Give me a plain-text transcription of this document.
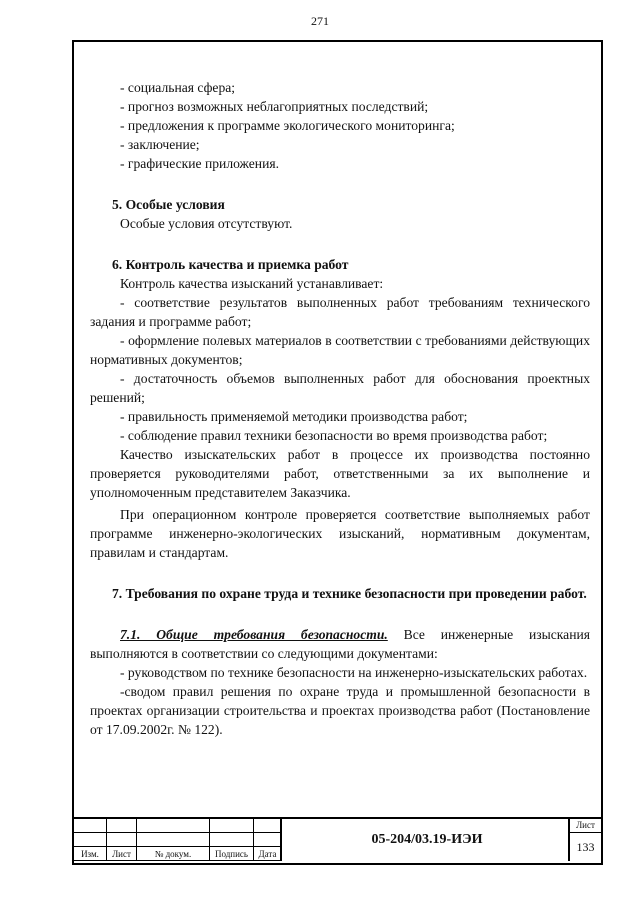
271

- социальная сфера;

- прогноз возможных неблагоприятных последствий;

- предложения к программе экологического мониторинга;

- заключение;

- графические приложения.

5. Особые условия

Особые условия отсутствуют.

6. Контроль качества и приемка работ

Контроль качества изысканий устанавливает:

- соответствие результатов выполненных работ требованиям технического задания и программе работ;

- оформление полевых материалов в соответствии с требованиями действующих нормативных документов;

- достаточность объемов выполненных работ для обоснования проектных решений;

- правильность применяемой методики производства работ;

- соблюдение правил техники безопасности во время производства работ;

Качество изыскательских работ в процессе их производства постоянно проверяется руководителями работ, ответственными за их выполнение и уполномоченным представителем Заказчика.

При операционном контроле проверяется соответствие выполняемых работ программе инженерно-экологических изысканий, нормативным документам, правилам и стандартам.

7. Требования по охране труда и технике безопасности при проведении работ.

7.1. Общие требования безопасности. Все инженерные изыскания выполняются в соответствии со следующими документами:

- руководством по технике безопасности на инженерно-изыскательских работах.

-сводом правил решения по охране труда и промышленной безопасности в проектах организации строительства и проектах производства работ (Постановление от 17.09.2002г. № 122).

Изм.	Лист	№ докум.	Подпись	Дата
05-204/03.19-ИЭИ
Лист
133
